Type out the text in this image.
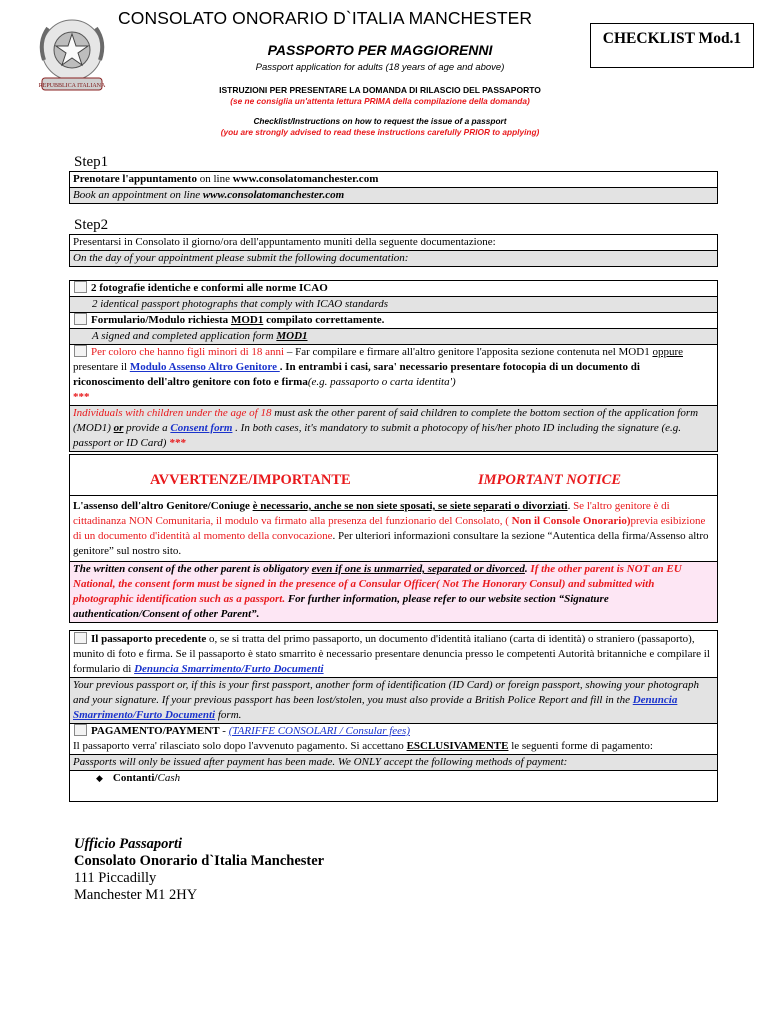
REPUBBLICA ITALIANA
CONSOLATO ONORARIO D`ITALIA MANCHESTER
CHECKLIST Mod.1
PASSPORTO PER MAGGIORENNI
Passport application for adults (18 years of age and above)
ISTRUZIONI PER PRESENTARE LA DOMANDA DI RILASCIO DEL PASSAPORTO
(se ne consiglia un'attenta lettura PRIMA della compilazione della domanda)
Checklist/Instructions on how to request the issue of a passport
(you are strongly advised to read these instructions carefully PRIOR to applying)
Step1
Prenotare l'appuntamento on line www.consolatomanchester.com
Book an appointment on line www.consolatomanchester.com
Step2
Presentarsi in Consolato il giorno/ora dell'appuntamento muniti della seguente documentazione:
On the day of your appointment please submit the following documentation:
2 fotografie identiche e conformi alle norme ICAO
2 identical passport photographs that comply with ICAO standards
Formulario/Modulo richiesta MOD1 compilato correttamente.
A signed and completed application form MOD1
Per coloro che hanno figli minori di 18 anni – Far compilare e firmare all'altro genitore l'apposita sezione contenuta nel MOD1 oppure presentare il Modulo Assenso Altro Genitore . In entrambi i casi, sara' necessario presentare fotocopia di un documento di riconoscimento dell'altro genitore con foto e firma(e.g. passaporto o carta identita')
***
Individuals with children under the age of 18 must ask the other parent of said children to complete the bottom section of the application form (MOD1) or provide a Consent form . In both cases, it's mandatory to submit a photocopy of his/her photo ID including the signature (e.g. passport or ID Card) ***
AVVERTENZE/IMPORTANTE	IMPORTANT NOTICE
L'assenso dell'altro Genitore/Coniuge è necessario, anche se non siete sposati, se siete separati o divorziati. Se l'altro genitore è di cittadinanza NON Comunitaria, il modulo va firmato alla presenza del funzionario del Consolato, ( Non il Console Onorario)previa esibizione di un documento d'identità al momento della convocazione. Per ulteriori informazioni consultare la sezione “Autentica della firma/Assenso altro genitore” sul nostro sito.
The written consent of the other parent is obligatory even if one is unmarried, separated or divorced. If the other parent is NOT an EU National, the consent form must be signed in the presence of a Consular Officer( Not The Honorary Consul) and submitted with photographic identification such as a passport. For further information, please refer to our website section “Signature authentication/Consent of other Parent”.
Il passaporto precedente o, se si tratta del primo passaporto, un documento d'identità italiano (carta di identità) o straniero (passaporto), munito di foto e firma. Se il passaporto è stato smarrito è necessario presentare denuncia presso le competenti Autorità britanniche e compilare il formulario di Denuncia Smarrimento/Furto Documenti
Your previous passport or, if this is your first passport, another form of identification (ID Card) or foreign passport, showing your photograph and your signature. If your previous passport has been lost/stolen, you must also provide a British Police Report and fill in the Denuncia Smarrimento/Furto Documenti form.
PAGAMENTO/PAYMENT - (TARIFFE CONSOLARI / Consular fees)
Il passaporto verra' rilasciato solo dopo l'avvenuto pagamento. Si accettano ESCLUSIVAMENTE le seguenti forme di pagamento:
Passports will only be issued after payment has been made. We ONLY accept the following methods of payment:
◆ Contanti/Cash
Ufficio Passaporti
Consolato Onorario d`Italia Manchester
111 Piccadilly
Manchester M1 2HY
